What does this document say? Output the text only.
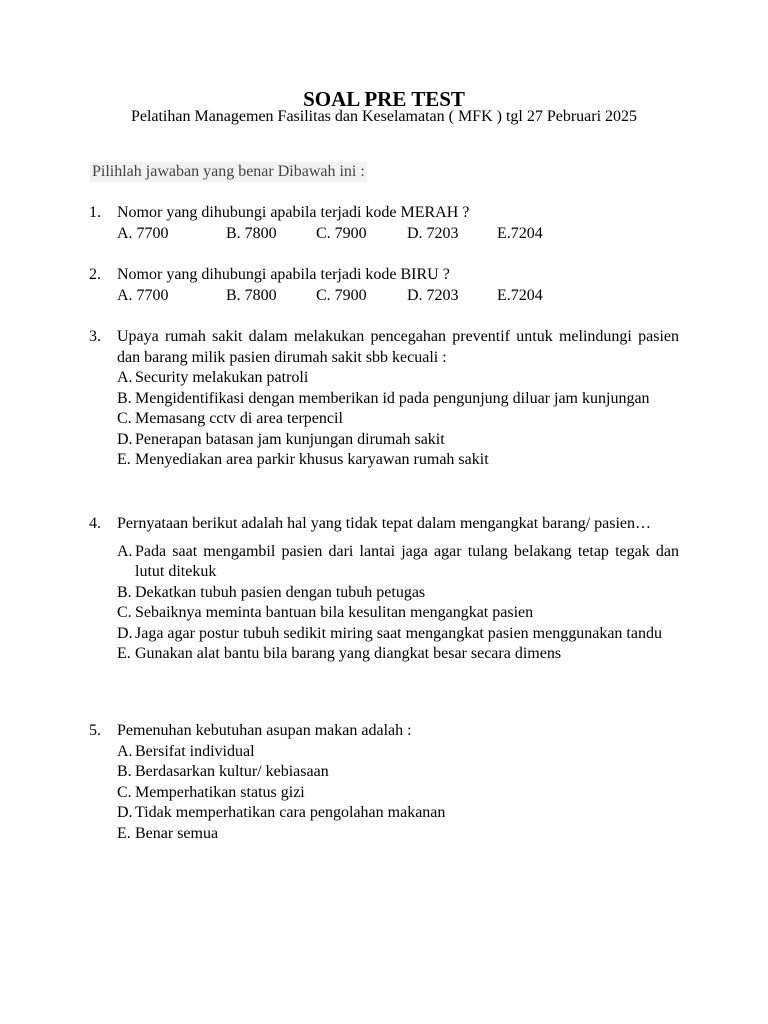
SOAL PRE TEST
Pelatihan Managemen Fasilitas dan Keselamatan ( MFK ) tgl 27 Pebruari 2025
Pilihlah jawaban yang benar Dibawah ini :
1.	Nomor yang dihubungi apabila terjadi kode MERAH ?
A. 7700	B. 7800 C. 7900	D. 7203 E.7204
2.	Nomor yang dihubungi apabila terjadi kode BIRU ?
A. 7700	B. 7800 C. 7900	D. 7203 E.7204
3.	Upaya rumah sakit dalam melakukan pencegahan preventif untuk melindungi pasien dan barang milik pasien dirumah sakit sbb kecuali :
A. Security melakukan patroli
B. Mengidentifikasi dengan memberikan id pada pengunjung diluar jam kunjungan
C. Memasang cctv di area terpencil
D. Penerapan batasan jam kunjungan dirumah sakit
E. Menyediakan area parkir khusus karyawan rumah sakit
4.	Pernyataan berikut adalah hal yang tidak tepat dalam mengangkat barang/ pasien…
A. Pada saat mengambil pasien dari lantai jaga agar tulang belakang tetap tegak dan lutut ditekuk
B. Dekatkan tubuh pasien dengan tubuh petugas
C. Sebaiknya meminta bantuan bila kesulitan mengangkat pasien
D. Jaga agar postur tubuh sedikit miring saat mengangkat pasien menggunakan tandu
E. Gunakan alat bantu bila barang yang diangkat besar secara dimens
5.	Pemenuhan kebutuhan asupan makan adalah :
A. Bersifat individual
B. Berdasarkan kultur/ kebiasaan
C. Memperhatikan status gizi
D. Tidak memperhatikan cara pengolahan makanan
E. Benar semua
